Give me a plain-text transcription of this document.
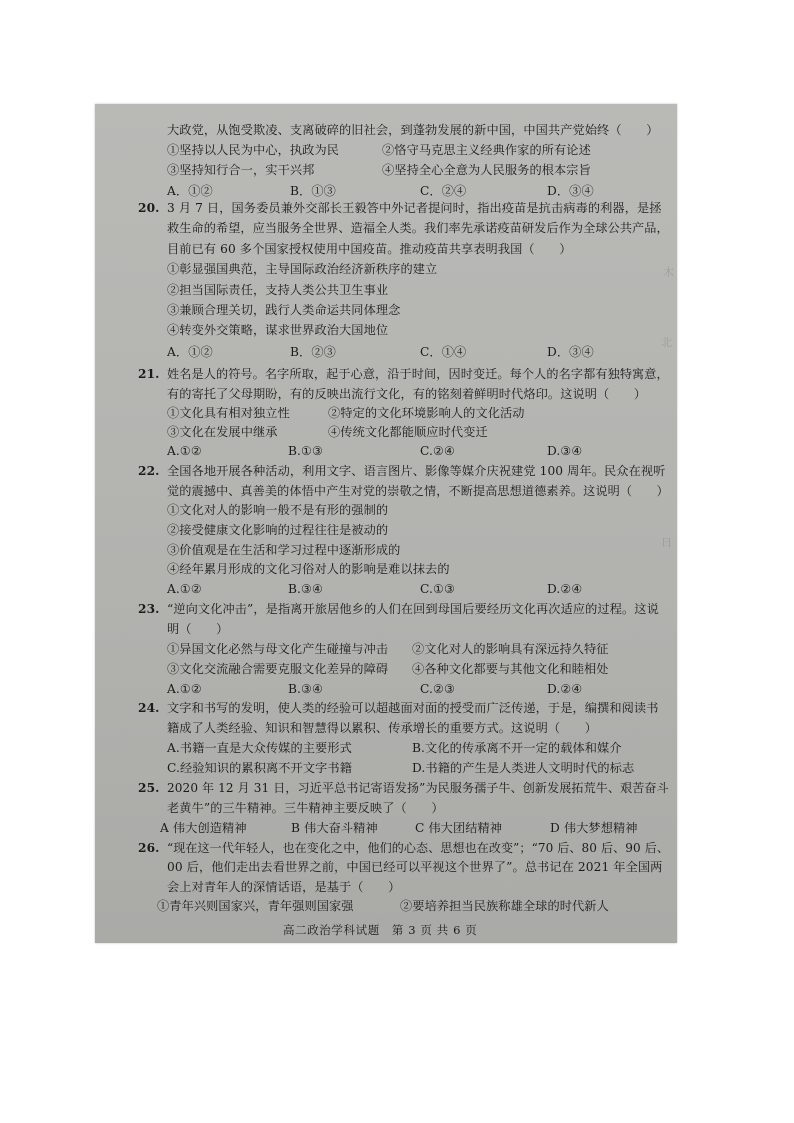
木
北
日
大政党，从饱受欺凌、支离破碎的旧社会，到蓬勃发展的新中国，中国共产党始终（　　）
①坚持以人民为中心，执政为民	②恪守马克思主义经典作家的所有论述
③坚持知行合一，实干兴邦	④坚持全心全意为人民服务的根本宗旨
A．①②	B．①③	C．②④	D．③④
20. 3 月 7 日，国务委员兼外交部长王毅答中外记者提问时，指出疫苗是抗击病毒的利器，是拯
救生命的希望，应当服务全世界、造福全人类。我们率先承诺疫苗研发后作为全球公共产品，
目前已有 60 多个国家授权使用中国疫苗。推动疫苗共享表明我国（　　）
①彰显强国典范，主导国际政治经济新秩序的建立
②担当国际责任，支持人类公共卫生事业
③兼顾合理关切，践行人类命运共同体理念
④转变外交策略，谋求世界政治大国地位
A．①②	B．②③	C．①④	D．③④
21. 姓名是人的符号。名字所取，起于心意，沿于时间，因时变迁。每个人的名字都有独特寓意，
有的寄托了父母期盼，有的反映出流行文化，有的铭刻着鲜明时代烙印。这说明（　　）
①文化具有相对独立性	②特定的文化环境影响人的文化活动
③文化在发展中继承	④传统文化都能顺应时代变迁
A.①②	B.①③	C.②④	D.③④
22. 全国各地开展各种活动，利用文字、语言图片、影像等媒介庆祝建党 100 周年。民众在视听
觉的震撼中、真善美的体悟中产生对党的崇敬之情，不断提高思想道德素养。这说明（　　）
①文化对人的影响一般不是有形的强制的
②接受健康文化影响的过程往往是被动的
③价值观是在生活和学习过程中逐渐形成的
④经年累月形成的文化习俗对人的影响是难以抹去的
A.①②	B.③④	C.①③	D.②④
23. “逆向文化冲击”，是指离开旅居他乡的人们在回到母国后要经历文化再次适应的过程。这说
明（　　）
①异国文化必然与母文化产生碰撞与冲击 ②文化对人的影响具有深远持久特征
③文化交流融合需要克服文化差异的障碍 ④各种文化都要与其他文化和睦相处
A.①②	B.③④	C.②③	D.②④
24. 文字和书写的发明，使人类的经验可以超越面对面的授受而广泛传递，于是，编撰和阅读书
籍成了人类经验、知识和智慧得以累积、传承增长的重要方式。这说明（　　）
A.书籍一直是大众传媒的主要形式	B.文化的传承离不开一定的载体和媒介
C.经验知识的累积离不开文字书籍	D.书籍的产生是人类进人文明时代的标志
25. 2020 年 12 月 31 日，习近平总书记寄语发扬”为民服务孺子牛、创新发展拓荒牛、艰苦奋斗
老黄牛”的三牛精神。三牛精神主要反映了（　　）
A 伟大创造精神	B 伟大奋斗精神	C 伟大团结精神	D 伟大梦想精神
26. “现在这一代年轻人，也在变化之中，他们的心态、思想也在改变”；“70 后、80 后、90 后、
00 后，他们走出去看世界之前，中国已经可以平视这个世界了”。总书记在 2021 年全国两
会上对青年人的深情话语，是基于（　　）
①青年兴则国家兴，青年强则国家强	②要培养担当民族称雄全球的时代新人
高二政治学科试题　第 3 页 共 6 页
